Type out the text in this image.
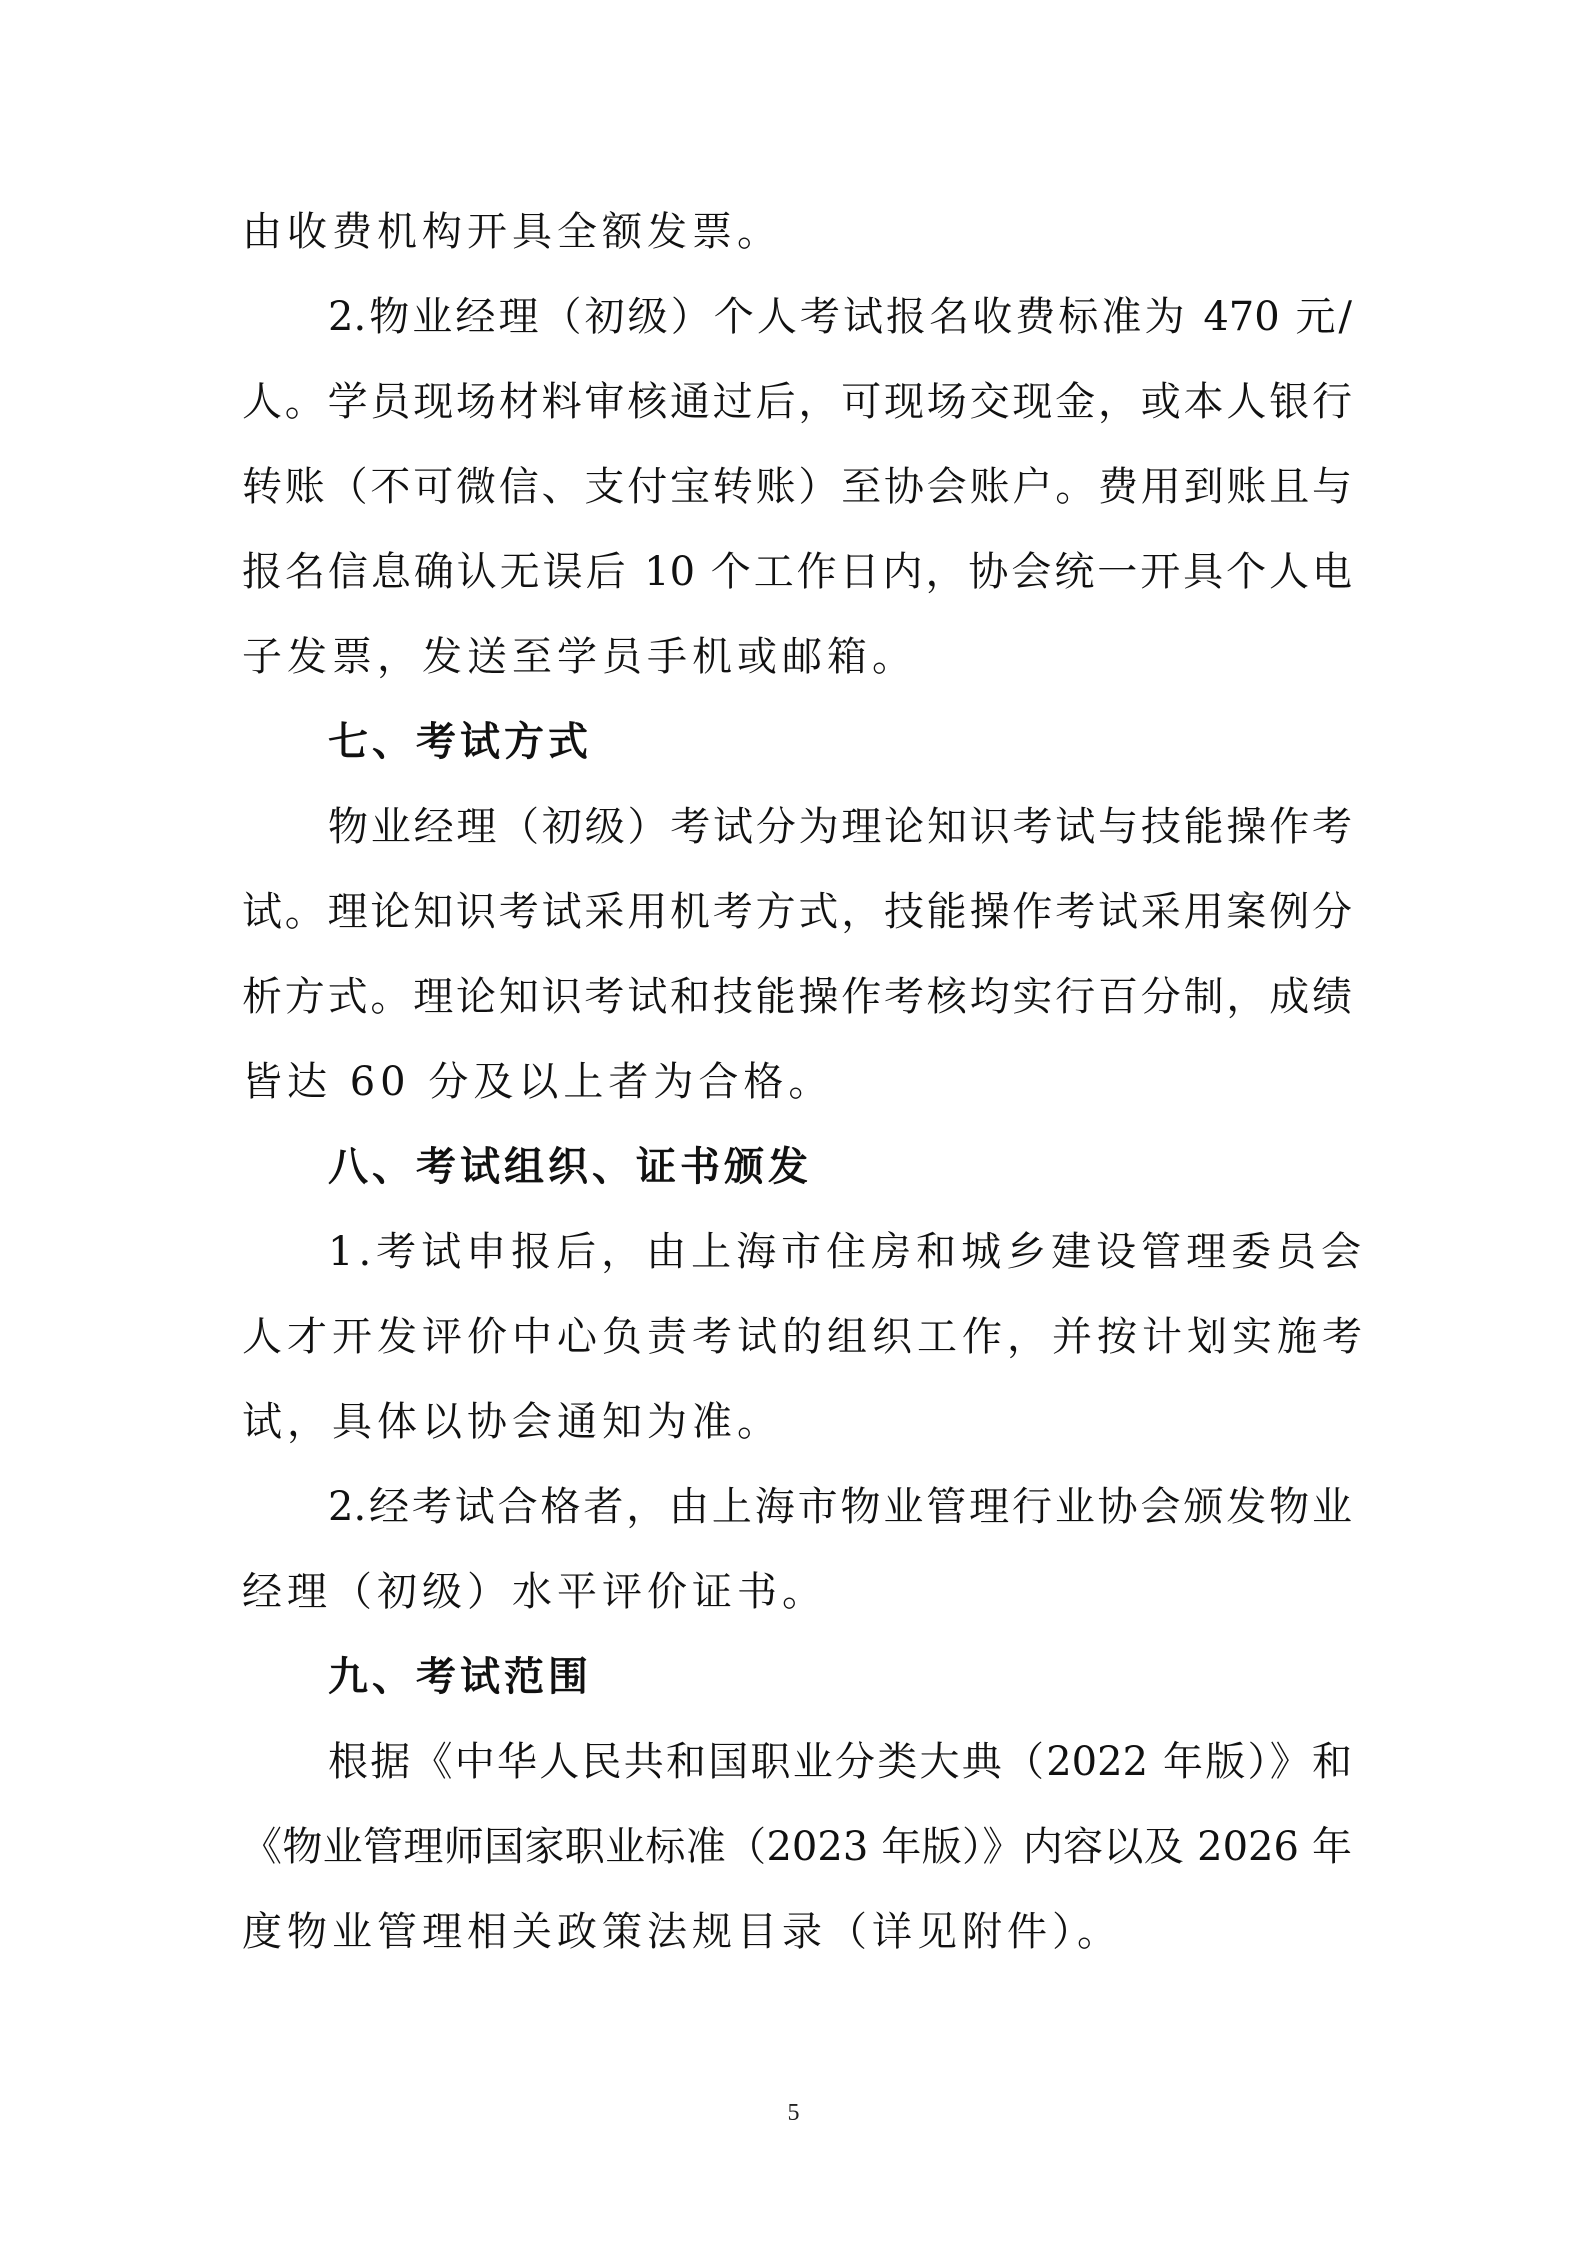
由收费机构开具全额发票。
2.物业经理（初级）个人考试报名收费标准为 470 元/
人。学员现场材料审核通过后，可现场交现金，或本人银行
转账（不可微信、支付宝转账）至协会账户。费用到账且与
报名信息确认无误后 10 个工作日内，协会统一开具个人电
子发票，发送至学员手机或邮箱。
七、考试方式
物业经理（初级）考试分为理论知识考试与技能操作考
试。理论知识考试采用机考方式，技能操作考试采用案例分
析方式。理论知识考试和技能操作考核均实行百分制，成绩
皆达 60 分及以上者为合格。
八、考试组织、证书颁发
1.考试申报后，由上海市住房和城乡建设管理委员会
人才开发评价中心负责考试的组织工作，并按计划实施考
试，具体以协会通知为准。
2.经考试合格者，由上海市物业管理行业协会颁发物业
经理（初级）水平评价证书。
九、考试范围
根据《中华人民共和国职业分类大典（2022 年版）》和
《物业管理师国家职业标准（2023 年版）》内容以及 2026 年
度物业管理相关政策法规目录（详见附件）。
5
